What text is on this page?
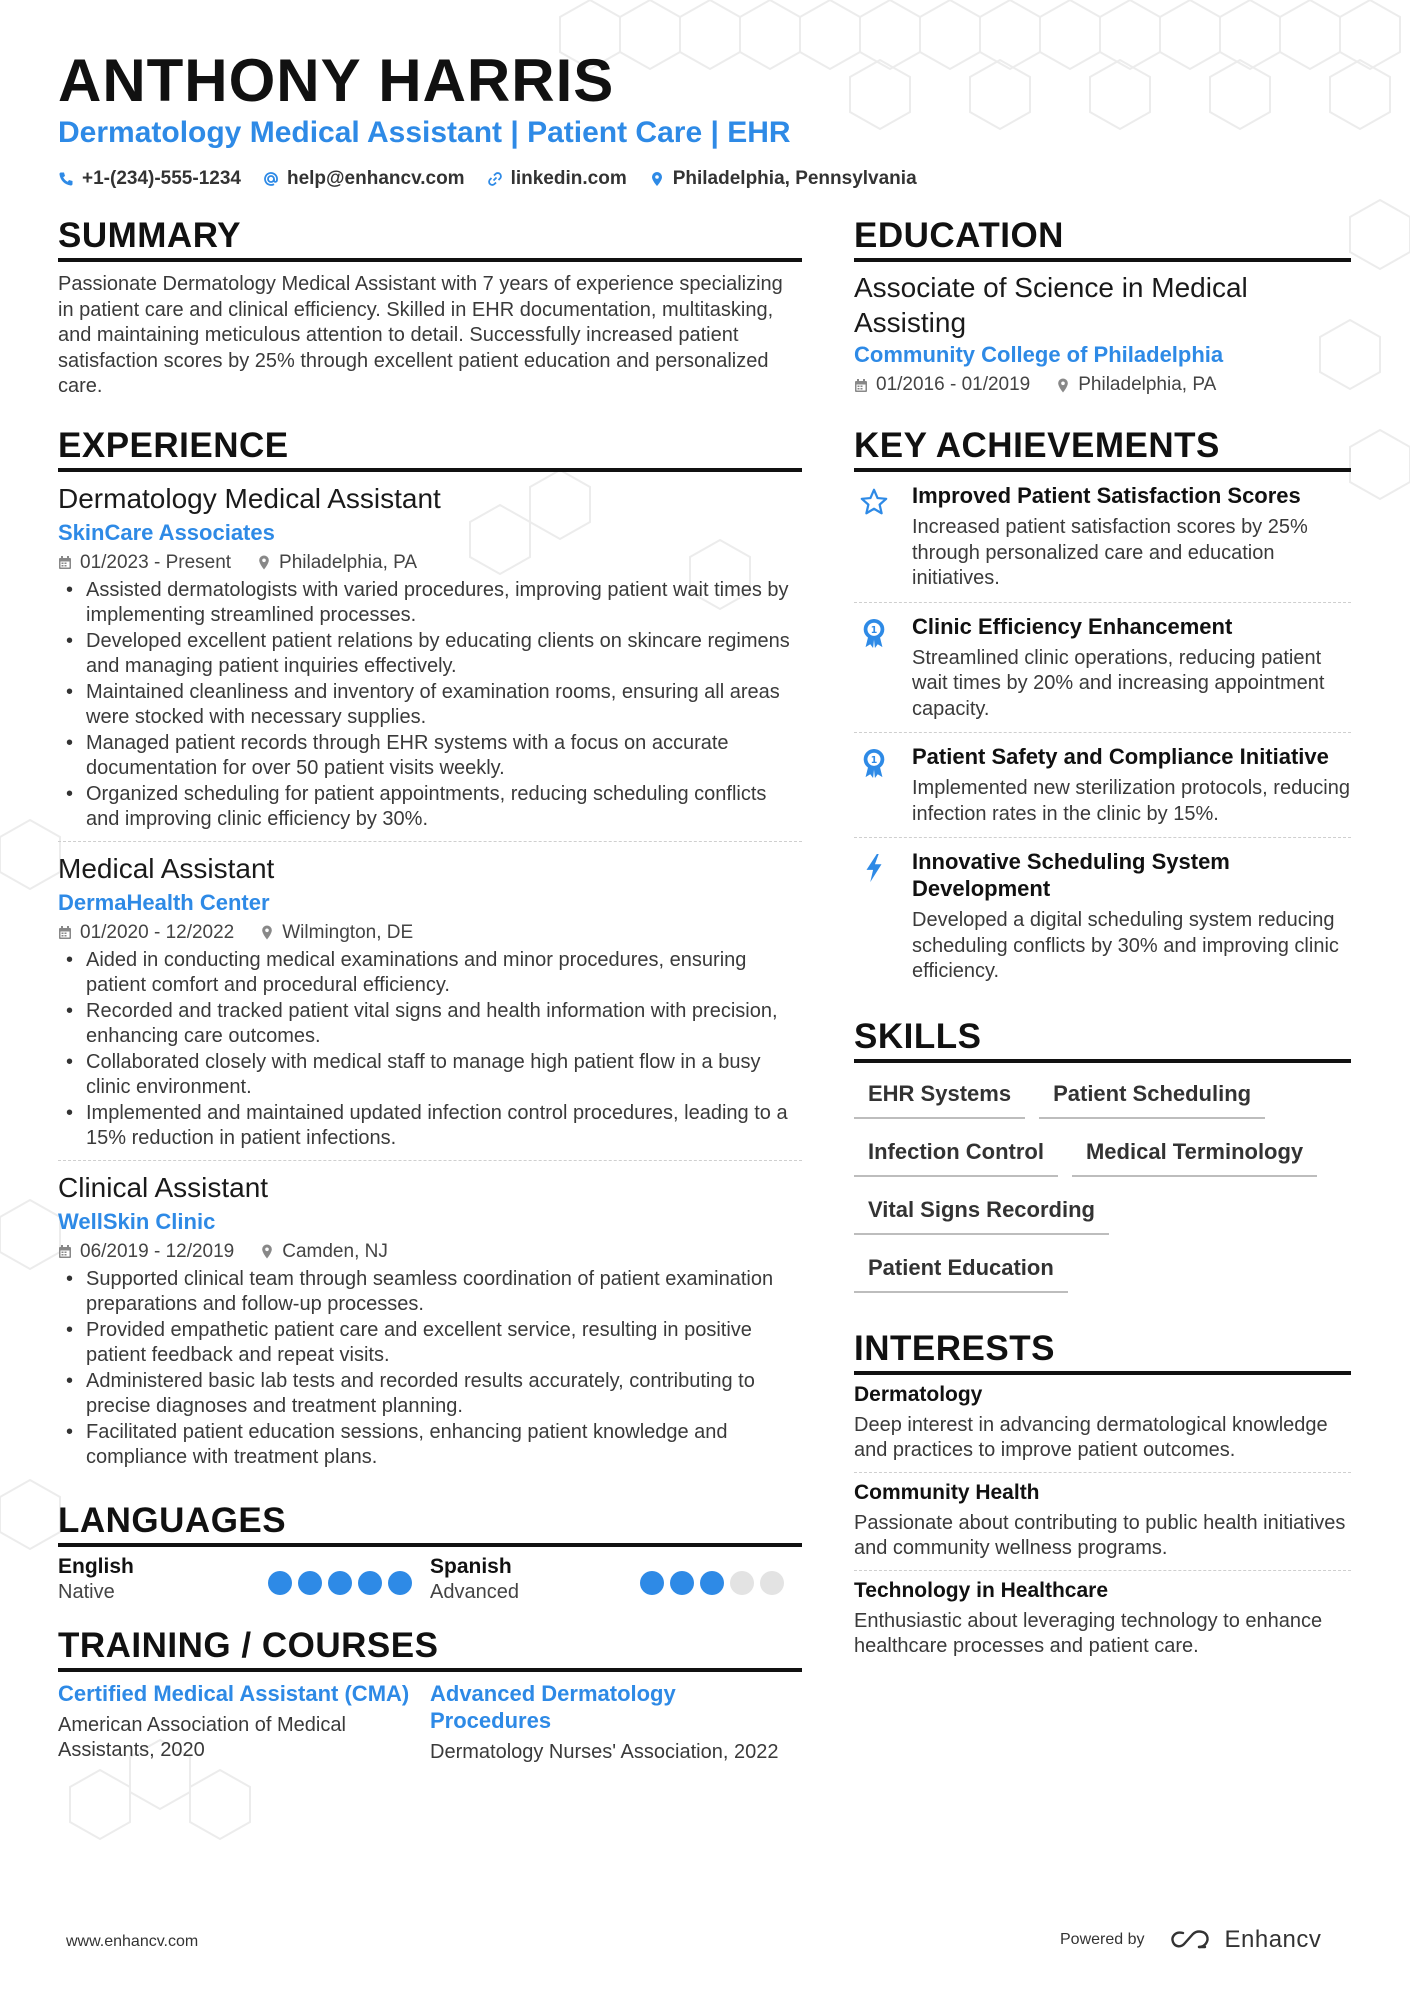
ANTHONY HARRIS
Dermatology Medical Assistant | Patient Care | EHR
+1-(234)-555-1234 help@enhancv.com linkedin.com Philadelphia, Pennsylvania
SUMMARY
Passionate Dermatology Medical Assistant with 7 years of experience specializing in patient care and clinical efficiency. Skilled in EHR documentation, multitasking, and maintaining meticulous attention to detail. Successfully increased patient satisfaction scores by 25% through excellent patient education and personalized care.
EXPERIENCE
Dermatology Medical Assistant
SkinCare Associates
01/2023 - Present	Philadelphia, PA
• Assisted dermatologists with varied procedures, improving patient wait times by implementing streamlined processes.
• Developed excellent patient relations by educating clients on skincare regimens and managing patient inquiries effectively.
• Maintained cleanliness and inventory of examination rooms, ensuring all areas were stocked with necessary supplies.
• Managed patient records through EHR systems with a focus on accurate documentation for over 50 patient visits weekly.
• Organized scheduling for patient appointments, reducing scheduling conflicts and improving clinic efficiency by 30%.
Medical Assistant
DermaHealth Center
01/2020 - 12/2022	Wilmington, DE
• Aided in conducting medical examinations and minor procedures, ensuring patient comfort and procedural efficiency.
• Recorded and tracked patient vital signs and health information with precision, enhancing care outcomes.
• Collaborated closely with medical staff to manage high patient flow in a busy clinic environment.
• Implemented and maintained updated infection control procedures, leading to a 15% reduction in patient infections.
Clinical Assistant
WellSkin Clinic
06/2019 - 12/2019	Camden, NJ
• Supported clinical team through seamless coordination of patient examination preparations and follow-up processes.
• Provided empathetic patient care and excellent service, resulting in positive patient feedback and repeat visits.
• Administered basic lab tests and recorded results accurately, contributing to precise diagnoses and treatment planning.
• Facilitated patient education sessions, enhancing patient knowledge and compliance with treatment plans.
LANGUAGES
English
Native
Spanish
Advanced
TRAINING / COURSES
Certified Medical Assistant (CMA)
American Association of Medical Assistants, 2020
Advanced Dermatology Procedures
Dermatology Nurses' Association, 2022
EDUCATION
Associate of Science in Medical Assisting
Community College of Philadelphia
01/2016 - 01/2019	Philadelphia, PA
KEY ACHIEVEMENTS
Improved Patient Satisfaction Scores
Increased patient satisfaction scores by 25% through personalized care and education initiatives.
1 Clinic Efficiency Enhancement
Streamlined clinic operations, reducing patient wait times by 20% and increasing appointment capacity.
1 Patient Safety and Compliance Initiative
Implemented new sterilization protocols, reducing infection rates in the clinic by 15%.
Innovative Scheduling System Development
Developed a digital scheduling system reducing scheduling conflicts by 30% and improving clinic efficiency.
SKILLS
EHR Systems	Patient Scheduling
Infection Control	Medical Terminology
Vital Signs Recording
Patient Education
INTERESTS
Dermatology
Deep interest in advancing dermatological knowledge and practices to improve patient outcomes.
Community Health
Passionate about contributing to public health initiatives and community wellness programs.
Technology in Healthcare
Enthusiastic about leveraging technology to enhance healthcare processes and patient care.
www.enhancv.com	Powered by	Enhancv
